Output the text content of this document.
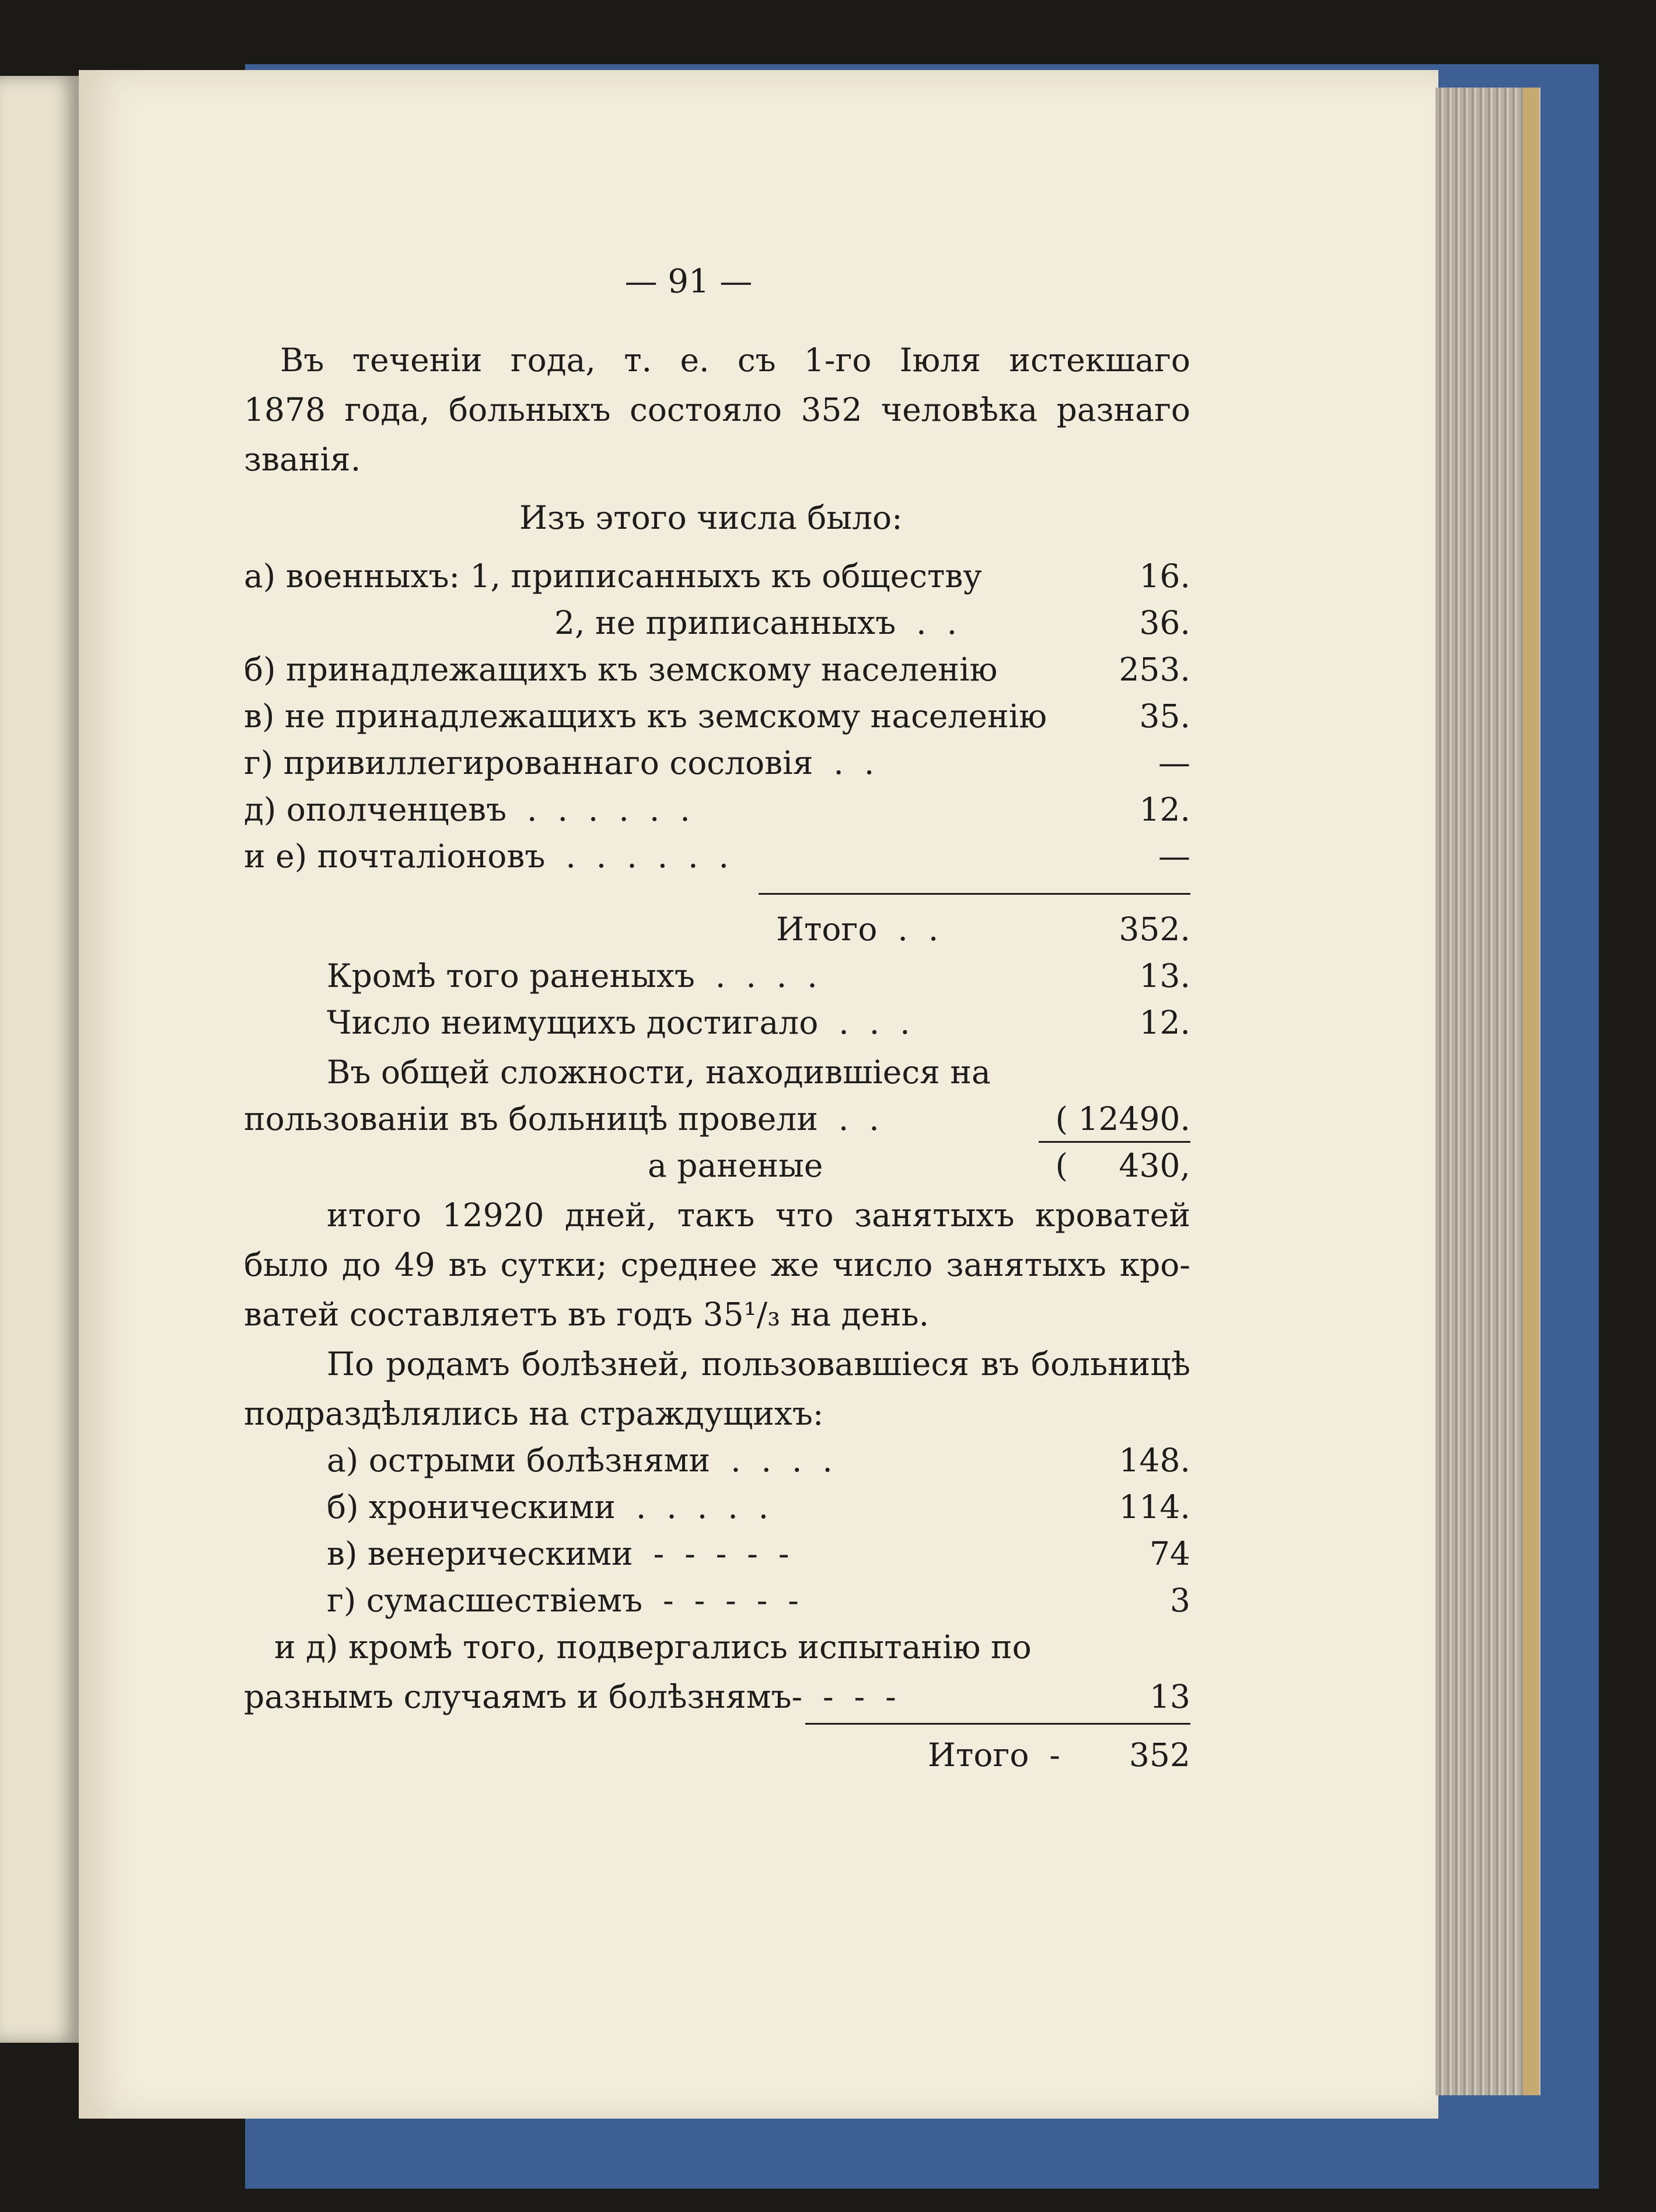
— 91 —
Въ теченіи года, т. е. съ 1-го Іюля истекшаго
1878 года, больныхъ состояло 352 человѣка разнаго
званія.
Изъ этого числа было:
а) военныхъ: 1, приписанныхъ къ обществу	16.
2, не приписанныхъ  .  .	36.
б) принадлежащихъ къ земскому населенію	253.
в) не принадлежащихъ къ земскому населенію	35.
г) привиллегированнаго сословія  .  .	—
д) ополченцевъ  .  .  .  .  .  .	12.
и е) почталіоновъ  .  .  .  .  .  .	—
Итого  .  .	352.
Кромѣ того раненыхъ  .  .  .  .	13.
Число неимущихъ достигало  .  .  .	12.
Въ общей сложности, находившіеся на
пользованіи въ больницѣ провели  .  .	( 12490.
а раненые	(     430,
итого 12920 дней, такъ что занятыхъ кроватей
было до 49 въ сутки; среднее же число занятыхъ кро-
ватей составляетъ въ годъ 35¹/₃ на день.
По родамъ болѣзней, пользовавшіеся въ больницѣ
подраздѣлялись на страждущихъ:
а) острыми болѣзнями  .  .  .  .	148.
б) хроническими  .  .  .  .  .	114.
в) венерическими  -  -  -  -  -	74
г) сумасшествіемъ  -  -  -  -  -	3
и д) кромѣ того, подвергались испытанію по
разнымъ случаямъ и болѣзнямъ-  -  -  -	13
Итого  -	352
